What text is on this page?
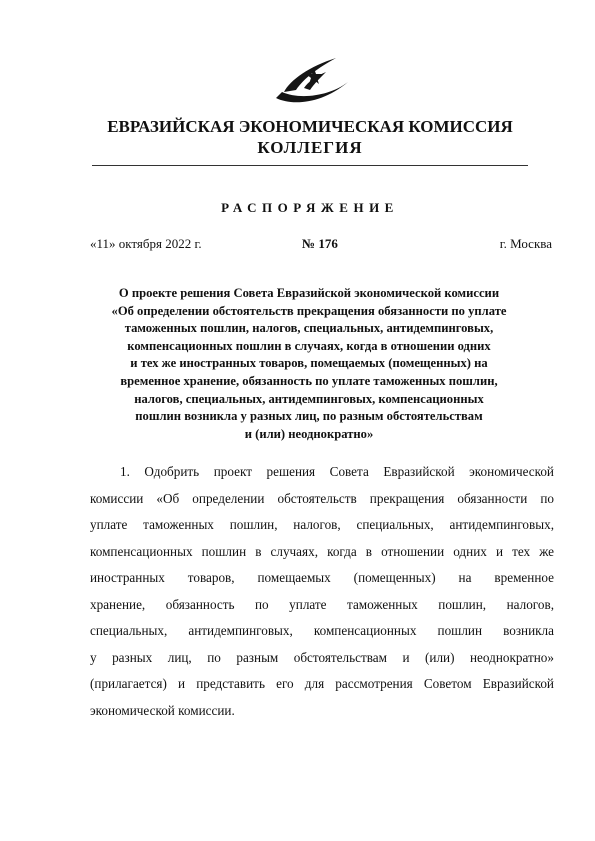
ЕВРАЗИЙСКАЯ ЭКОНОМИЧЕСКАЯ КОМИССИЯ
КОЛЛЕГИЯ
РАСПОРЯЖЕНИЕ
«11» октября 2022 г.	№ 176	г. Москва
О проекте решения Совета Евразийской экономической комиссии
«Об определении обстоятельств прекращения обязанности по уплате
таможенных пошлин, налогов, специальных, антидемпинговых,
компенсационных пошлин в случаях, когда в отношении одних
и тех же иностранных товаров, помещаемых (помещенных) на
временное хранение, обязанность по уплате таможенных пошлин,
налогов, специальных, антидемпинговых, компенсационных
пошлин возникла у разных лиц, по разным обстоятельствам
и (или) неоднократно»
1. Одобрить проект решения Совета Евразийской экономической
комиссии «Об определении обстоятельств прекращения обязанности по
уплате таможенных пошлин, налогов, специальных, антидемпинговых,
компенсационных пошлин в случаях, когда в отношении одних и тех же
иностранных товаров, помещаемых (помещенных) на временное
хранение, обязанность по уплате таможенных пошлин, налогов,
специальных, антидемпинговых, компенсационных пошлин возникла
у разных лиц, по разным обстоятельствам и (или) неоднократно»
(прилагается) и представить его для рассмотрения Советом Евразийской
экономической комиссии.
